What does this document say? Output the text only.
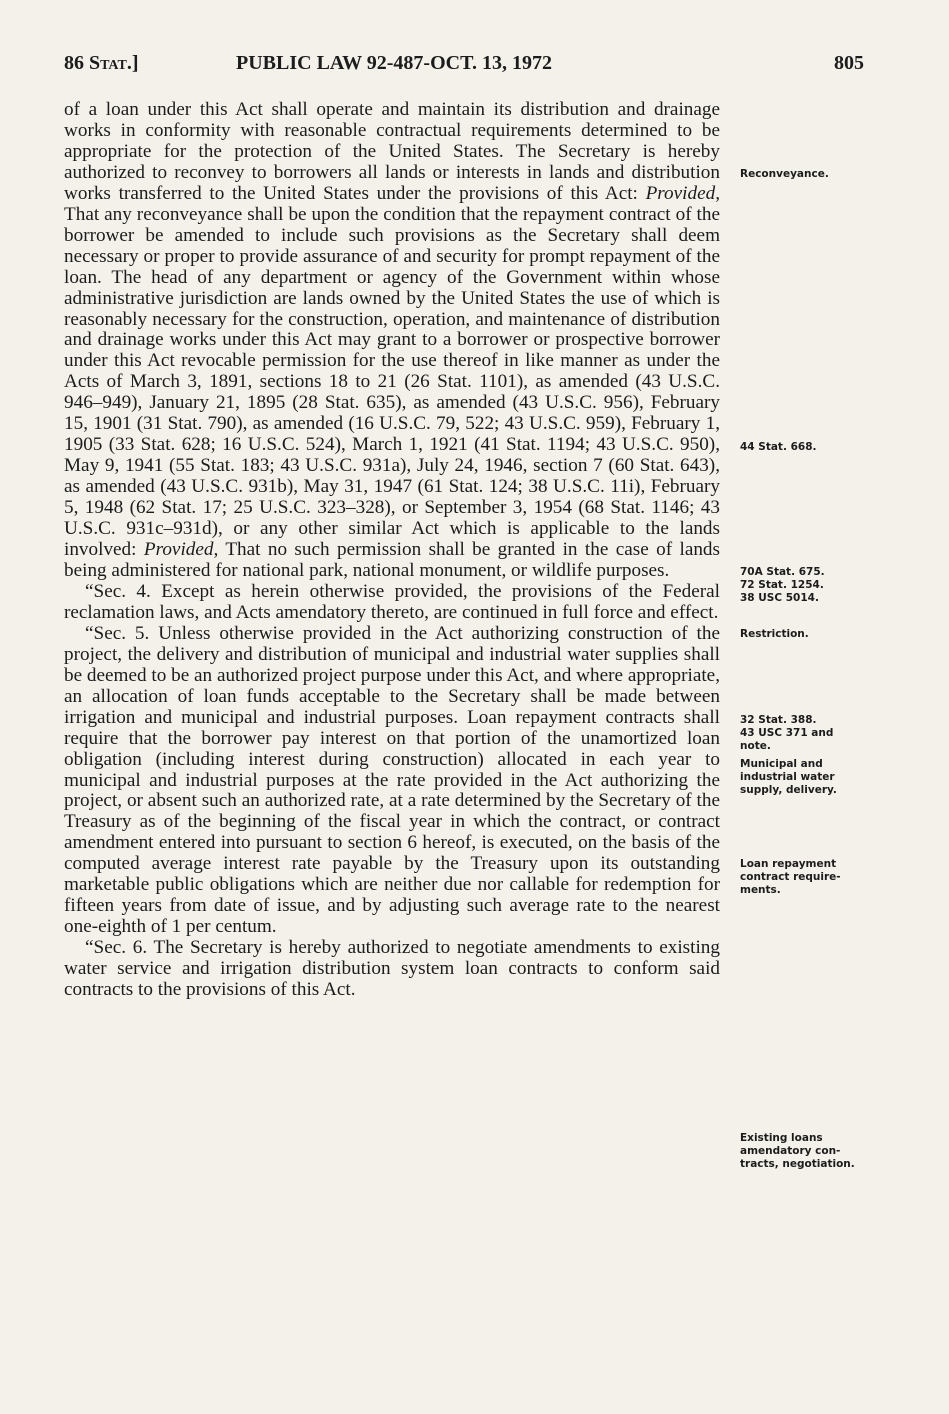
86 Stat.]	PUBLIC LAW 92-487-OCT. 13, 1972	805

of a loan under this Act shall operate and maintain its distribution and drainage works in conformity with reasonable contractual requirements determined to be appropriate for the protection of the United States. The Secretary is hereby authorized to reconvey to borrowers all lands or interests in lands and distribution works transferred to the United States under the provisions of this Act: Provided, That any reconveyance shall be upon the condition that the repayment contract of the borrower be amended to include such provisions as the Secretary shall deem necessary or proper to provide assurance of and security for prompt repayment of the loan. The head of any department or agency of the Government within whose administrative jurisdiction are lands owned by the United States the use of which is reasonably necessary for the construction, operation, and maintenance of distribution and drainage works under this Act may grant to a borrower or prospective borrower under this Act revocable permission for the use thereof in like manner as under the Acts of March 3, 1891, sections 18 to 21 (26 Stat. 1101), as amended (43 U.S.C. 946–949), January 21, 1895 (28 Stat. 635), as amended (43 U.S.C. 956), February 15, 1901 (31 Stat. 790), as amended (16 U.S.C. 79, 522; 43 U.S.C. 959), February 1, 1905 (33 Stat. 628; 16 U.S.C. 524), March 1, 1921 (41 Stat. 1194; 43 U.S.C. 950), May 9, 1941 (55 Stat. 183; 43 U.S.C. 931a), July 24, 1946, section 7 (60 Stat. 643), as amended (43 U.S.C. 931b), May 31, 1947 (61 Stat. 124; 38 U.S.C. 11i), February 5, 1948 (62 Stat. 17; 25 U.S.C. 323–328), or September 3, 1954 (68 Stat. 1146; 43 U.S.C. 931c–931d), or any other similar Act which is applicable to the lands involved: Provided, That no such permission shall be granted in the case of lands being administered for national park, national monument, or wildlife purposes.

“Sec. 4. Except as herein otherwise provided, the provisions of the Federal reclamation laws, and Acts amendatory thereto, are continued in full force and effect.

“Sec. 5. Unless otherwise provided in the Act authorizing construction of the project, the delivery and distribution of municipal and industrial water supplies shall be deemed to be an authorized project purpose under this Act, and where appropriate, an allocation of loan funds acceptable to the Secretary shall be made between irrigation and municipal and industrial purposes. Loan repayment contracts shall require that the borrower pay interest on that portion of the unamortized loan obligation (including interest during construction) allocated in each year to municipal and industrial purposes at the rate provided in the Act authorizing the project, or absent such an authorized rate, at a rate determined by the Secretary of the Treasury as of the beginning of the fiscal year in which the contract, or contract amendment entered into pursuant to section 6 hereof, is executed, on the basis of the computed average interest rate payable by the Treasury upon its outstanding marketable public obligations which are neither due nor callable for redemption for fifteen years from date of issue, and by adjusting such average rate to the nearest one-eighth of 1 per centum.

“Sec. 6. The Secretary is hereby authorized to negotiate amendments to existing water service and irrigation distribution system loan contracts to conform said contracts to the provisions of this Act.

Reconveyance.
44 Stat. 668.
70A Stat. 675.
72 Stat. 1254.
38 USC 5014.
Restriction.
32 Stat. 388.
43 USC 371 and
note.
Municipal and
industrial water
supply, delivery.
Loan repayment
contract require-
ments.
Existing loans
amendatory con-
tracts, negotiation.
